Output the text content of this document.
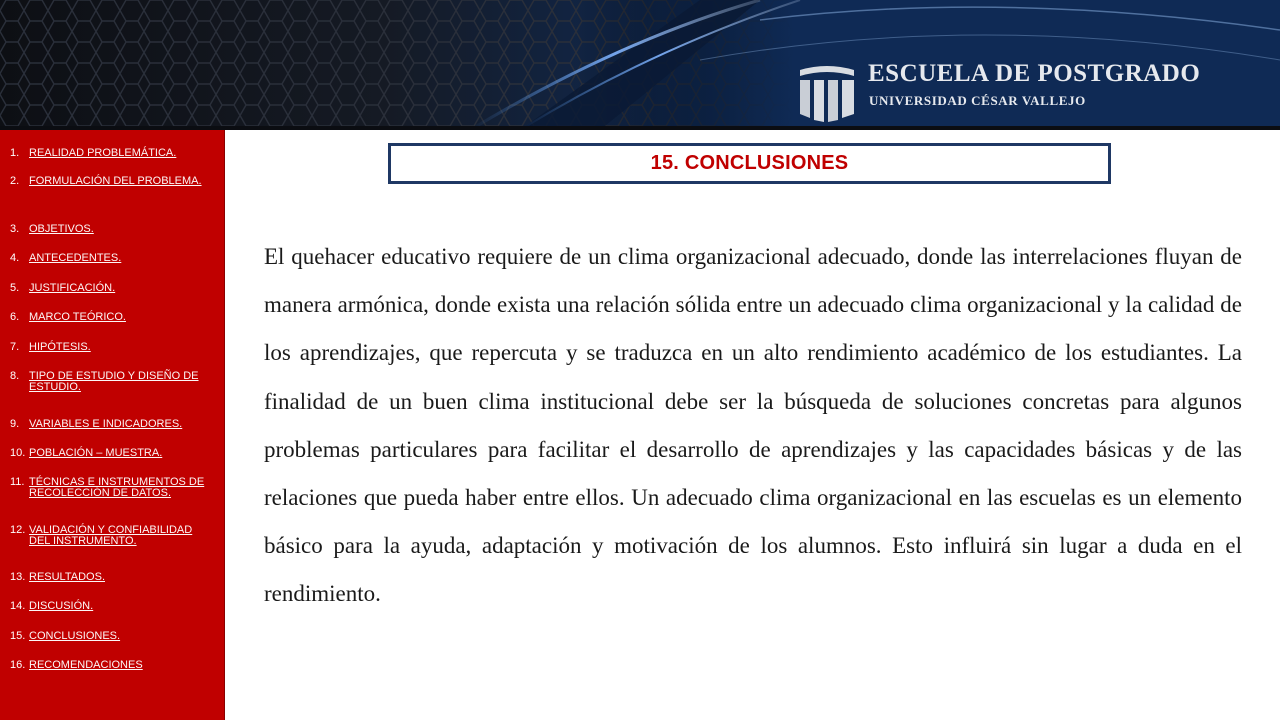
ESCUELA DE POSTGRADO
UNIVERSIDAD CÉSAR VALLEJO
1. REALIDAD PROBLEMÁTICA.
2. FORMULACIÓN DEL PROBLEMA.
3. OBJETIVOS.
4. ANTECEDENTES.
5. JUSTIFICACIÓN.
6. MARCO TEÓRICO.
7. HIPÓTESIS.
8. TIPO DE ESTUDIO Y DISEÑO DE ESTUDIO.
9. VARIABLES E INDICADORES.
10. POBLACIÓN – MUESTRA.
11. TÉCNICAS E INSTRUMENTOS DE RECOLECCIÓN DE DATOS.
12. VALIDACIÓN Y CONFIABILIDAD DEL INSTRUMENTO.
13. RESULTADOS.
14. DISCUSIÓN.
15. CONCLUSIONES.
16. RECOMENDACIONES
15. CONCLUSIONES

El quehacer educativo requiere de un clima organizacional adecuado, donde las interrelaciones fluyan de manera armónica, donde exista una relación sólida entre un adecuado clima organizacional y la calidad de los aprendizajes, que repercuta y se traduzca en un alto rendimiento académico de los estudiantes. La finalidad de un buen clima institucional debe ser la búsqueda de soluciones concretas para algunos problemas particulares para facilitar el desarrollo de aprendizajes y las capacidades básicas y de las relaciones que pueda haber entre ellos. Un adecuado clima organizacional en las escuelas es un elemento básico para la ayuda, adaptación y motivación de los alumnos. Esto influirá sin lugar a duda en el rendimiento.
